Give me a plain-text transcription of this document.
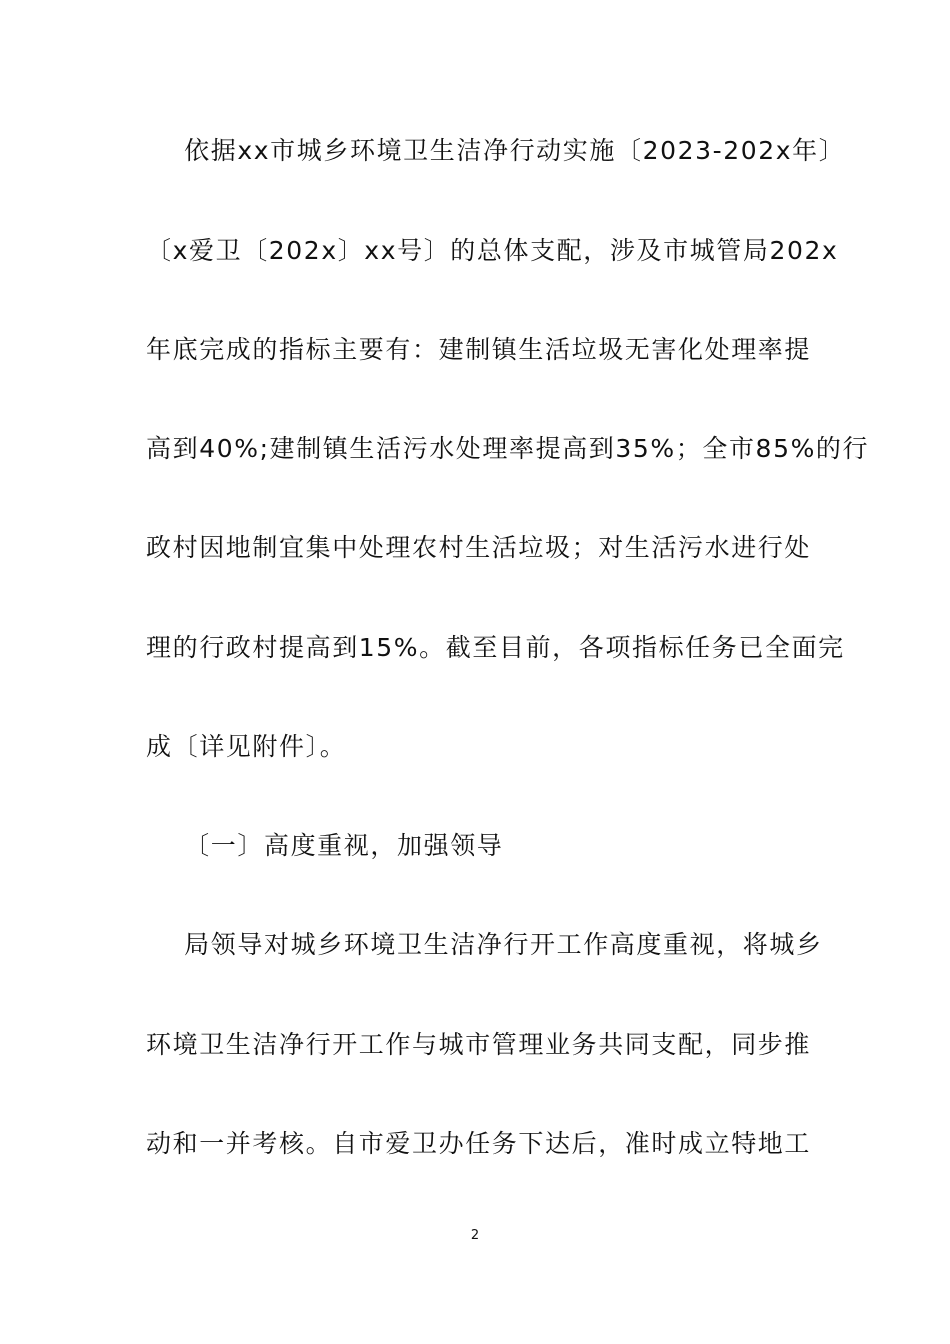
依据xx市城乡环境卫生洁净行动实施〔2023-202x年〕
〔x爱卫〔202x〕xx号〕的总体支配，涉及市城管局202x
年底完成的指标主要有：建制镇生活垃圾无害化处理率提
高到40%;建制镇生活污水处理率提高到35%；全市85%的行
政村因地制宜集中处理农村生活垃圾；对生活污水进行处
理的行政村提高到15%。截至目前，各项指标任务已全面完
成〔详见附件〕。
〔一〕高度重视，加强领导
局领导对城乡环境卫生洁净行开工作高度重视，将城乡
环境卫生洁净行开工作与城市管理业务共同支配，同步推
动和一并考核。自市爱卫办任务下达后，准时成立特地工
2
